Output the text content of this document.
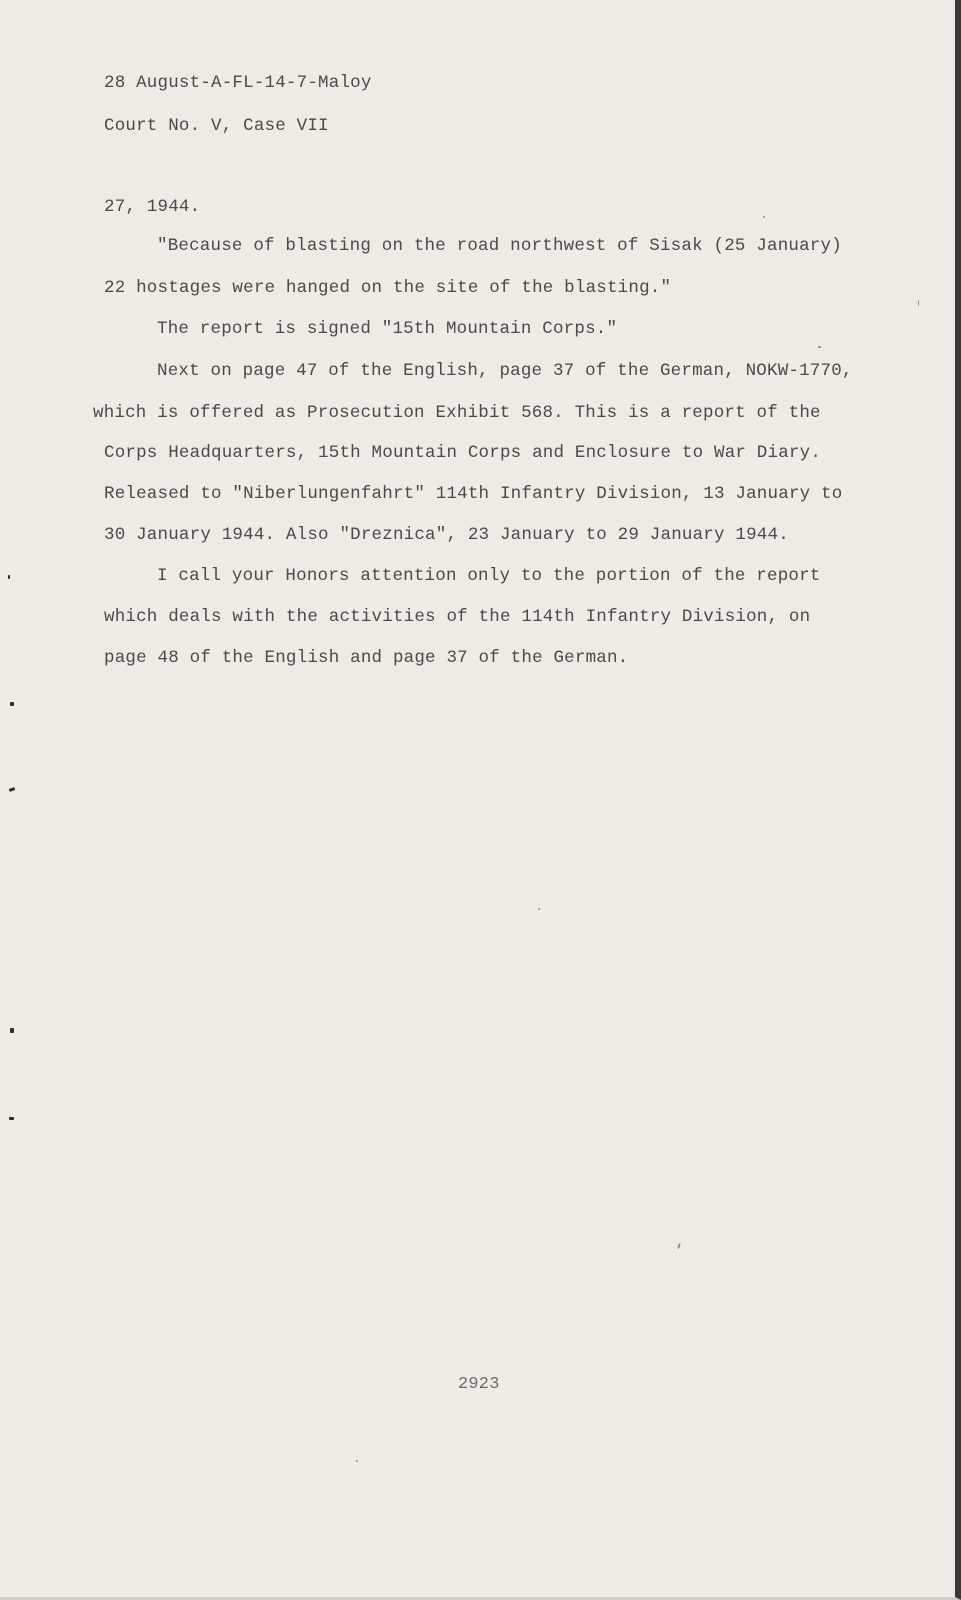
28 August-A-FL-14-7-Maloy
Court No. V, Case VII
27, 1944.
"Because of blasting on the road northwest of Sisak (25 January)
22 hostages were hanged on the site of the blasting."
The report is signed "15th Mountain Corps."
Next on page 47 of the English, page 37 of the German, NOKW-1770,
which is offered as Prosecution Exhibit 568. This is a report of the
Corps Headquarters, 15th Mountain Corps and Enclosure to War Diary.
Released to "Niberlungenfahrt" 114th Infantry Division, 13 January to
30 January 1944. Also "Dreznica", 23 January to 29 January 1944.
I call your Honors attention only to the portion of the report
which deals with the activities of the 114th Infantry Division, on
page 48 of the English and page 37 of the German.
2923
